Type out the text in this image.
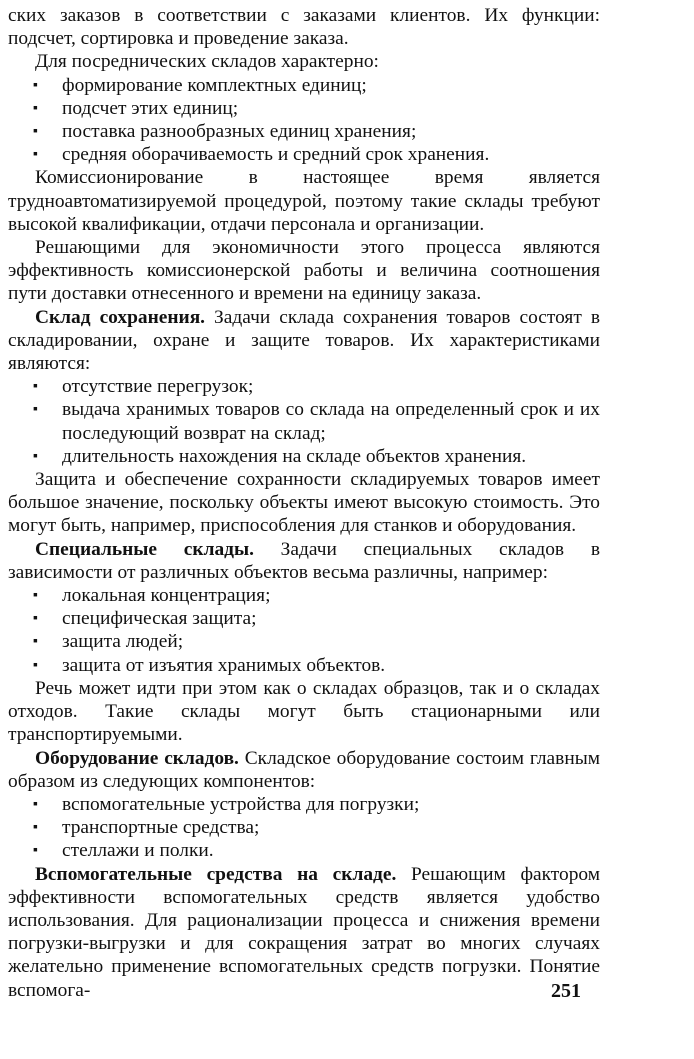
ских заказов в соответствии с заказами клиентов. Их функции: подсчет, сортировка и проведение заказа.

Для посреднических складов характерно:

▪ формирование комплектных единиц;
▪ подсчет этих единиц;
▪ поставка разнообразных единиц хранения;
▪ средняя оборачиваемость и средний срок хранения.

Комиссионирование в настоящее время является трудноавтоматизируемой процедурой, поэтому такие склады требуют высокой квалификации, отдачи персонала и организации.

Решающими для экономичности этого процесса являются эффективность комиссионерской работы и величина соотношения пути доставки отнесенного и времени на единицу заказа.

Склад сохранения. Задачи склада сохранения товаров состоят в складировании, охране и защите товаров. Их характеристиками являются:

▪ отсутствие перегрузок;
▪ выдача хранимых товаров со склада на определенный срок и их последующий возврат на склад;
▪ длительность нахождения на складе объектов хранения.

Защита и обеспечение сохранности складируемых товаров имеет большое значение, поскольку объекты имеют высокую стоимость. Это могут быть, например, приспособления для станков и оборудования.

Специальные склады. Задачи специальных складов в зависимости от различных объектов весьма различны, например:

▪ локальная концентрация;
▪ специфическая защита;
▪ защита людей;
▪ защита от изъятия хранимых объектов.

Речь может идти при этом как о складах образцов, так и о складах отходов. Такие склады могут быть стационарными или транспортируемыми.

Оборудование складов. Складское оборудование состоим главным образом из следующих компонентов:

▪ вспомогательные устройства для погрузки;
▪ транспортные средства;
▪ стеллажи и полки.

Вспомогательные средства на складе. Решающим фактором эффективности вспомогательных средств является удобство использования. Для рационализации процесса и снижения времени погрузки-выгрузки и для сокращения затрат во многих случаях желательно применение вспомогательных средств погрузки. Понятие вспомога-	251
